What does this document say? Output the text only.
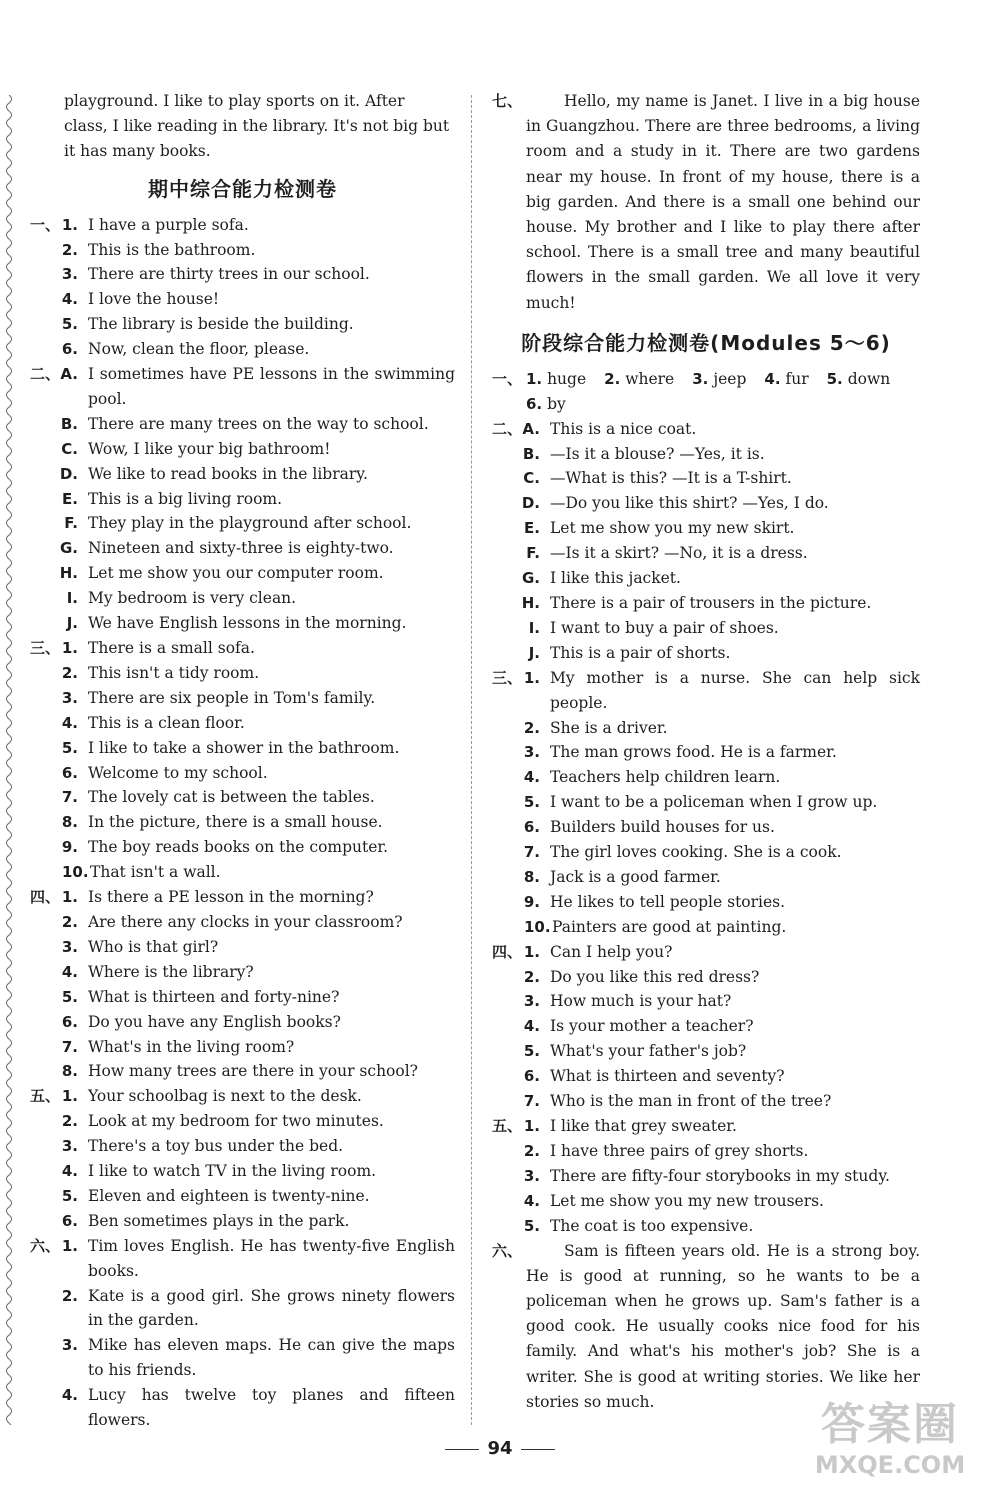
playground. I like to play sports on it. After
class, I like reading in the library. It's not big but
it has many books.
期中综合能力检测卷
一、 1. I have a purple sofa.
2. This is the bathroom.
3. There are thirty trees in our school.
4. I love the house!
5. The library is beside the building.
6. Now, clean the floor, please.
二、 A. I sometimes have PE lessons in the swimming pool.
B. There are many trees on the way to school.
C. Wow, I like your big bathroom!
D. We like to read books in the library.
E. This is a big living room.
F. They play in the playground after school.
G. Nineteen and sixty-three is eighty-two.
H. Let me show you our computer room.
I. My bedroom is very clean.
J. We have English lessons in the morning.
三、 1. There is a small sofa.
2. This isn't a tidy room.
3. There are six people in Tom's family.
4. This is a clean floor.
5. I like to take a shower in the bathroom.
6. Welcome to my school.
7. The lovely cat is between the tables.
8. In the picture, there is a small house.
9. The boy reads books on the computer.
10. That isn't a wall.
四、 1. Is there a PE lesson in the morning?
2. Are there any clocks in your classroom?
3. Who is that girl?
4. Where is the library?
5. What is thirteen and forty-nine?
6. Do you have any English books?
7. What's in the living room?
8. How many trees are there in your school?
五、 1. Your schoolbag is next to the desk.
2. Look at my bedroom for two minutes.
3. There's a toy bus under the bed.
4. I like to watch TV in the living room.
5. Eleven and eighteen is twenty-nine.
6. Ben sometimes plays in the park.
六、 1. Tim loves English. He has twenty-five English books.
2. Kate is a good girl. She grows ninety flowers in the garden.
3. Mike has eleven maps. He can give the maps to his friends.
4. Lucy has twelve toy planes and fifteen flowers.
七、	Hello, my name is Janet. I live in a big house in Guangzhou. There are three bedrooms, a living room and a study in it. There are two gardens near my house. In front of my house, there is a big garden. And there is a small one behind our house. My brother and I like to play there after school. There is a small tree and many beautiful flowers in the small garden. We all love it very much!
阶段综合能力检测卷(Modules 5～6)
一、 1. huge 2. where 3. jeep 4. fur 5. down
6. by
二、 A. This is a nice coat.
B. —Is it a blouse? —Yes, it is.
C. —What is this? —It is a T-shirt.
D. —Do you like this shirt? —Yes, I do.
E. Let me show you my new skirt.
F. —Is it a skirt? —No, it is a dress.
G. I like this jacket.
H. There is a pair of trousers in the picture.
I. I want to buy a pair of shoes.
J. This is a pair of shorts.
三、 1. My mother is a nurse. She can help sick people.
2. She is a driver.
3. The man grows food. He is a farmer.
4. Teachers help children learn.
5. I want to be a policeman when I grow up.
6. Builders build houses for us.
7. The girl loves cooking. She is a cook.
8. Jack is a good farmer.
9. He likes to tell people stories.
10. Painters are good at painting.
四、 1. Can I help you?
2. Do you like this red dress?
3. How much is your hat?
4. Is your mother a teacher?
5. What's your father's job?
6. What is thirteen and seventy?
7. Who is the man in front of the tree?
五、 1. I like that grey sweater.
2. I have three pairs of grey shorts.
3. There are fifty-four storybooks in my study.
4. Let me show you my new trousers.
5. The coat is too expensive.
六、	Sam is fifteen years old. He is a strong boy. He is good at running, so he wants to be a policeman when he grows up. Sam's father is a good cook. He usually cooks nice food for his family. And what's his mother's job? She is a writer. She is good at writing stories. We like her stories so much.
94	答案圈
MXQE.COM
